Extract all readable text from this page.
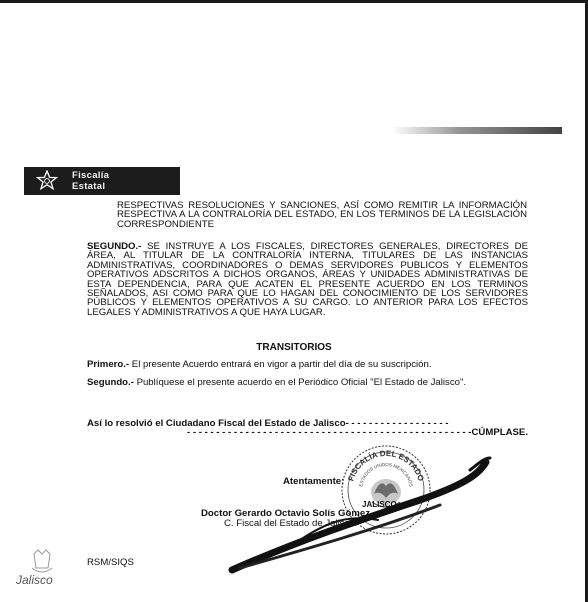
Fiscalía
Estatal

RESPECTIVAS RESOLUCIONES Y SANCIONES, ASÍ COMO REMITIR LA INFORMACIÓN RESPECTIVA A LA CONTRALORÍA DEL ESTADO, EN LOS TERMINOS DE LA LEGISLACIÓN CORRESPONDIENTE

SEGUNDO.- SE INSTRUYE A LOS FISCALES, DIRECTORES GENERALES, DIRECTORES DE ÁREA, AL TITULAR DE LA CONTRALORÍA INTERNA, TITULARES DE LAS INSTANCIAS ADMINISTRATIVAS, COORDINADORES O DEMAS SERVIDORES PUBLICOS Y ELEMENTOS OPERATIVOS ADSCRITOS A DICHOS ORGANOS, ÁREAS Y UNIDADES ADMINISTRATIVAS DE ESTA DEPENDENCIA, PARA QUE ACATEN EL PRESENTE ACUERDO EN LOS TERMINOS SEÑALADOS, ASI COMO PARA QUE LO HAGAN DEL CONOCIMIENTO DE LOS SERVIDORES PÚBLICOS Y ELEMENTOS OPERATIVOS A SU CARGO. LO ANTERIOR PARA LOS EFECTOS LEGALES Y ADMINISTRATIVOS A QUE HAYA LUGAR.

TRANSITORIOS

Primero.- El presente Acuerdo entrará en vigor a partir del día de su suscripción.

Segundo.- Publíquese el presente acuerdo en el Periódico Oficial "El Estado de Jalisco".

Así lo resolvió el Ciudadano Fiscal del Estado de Jalisco- - - - - - - - - - - - - - - - - -

- - - - - - - - - - - - - - - - - - - - - - - - - - - - - - - - - - - - - - - - - - - - - - - - -CÚMPLASE.

FISCALÍA DEL ESTADO
ESTADOS UNIDOS MEXICANOS
JALISCO
Atentamente:
Doctor Gerardo Octavio Solís Gómez
C. Fiscal del Estado de Jalisco.
RSM/SIQS
Jalisco
